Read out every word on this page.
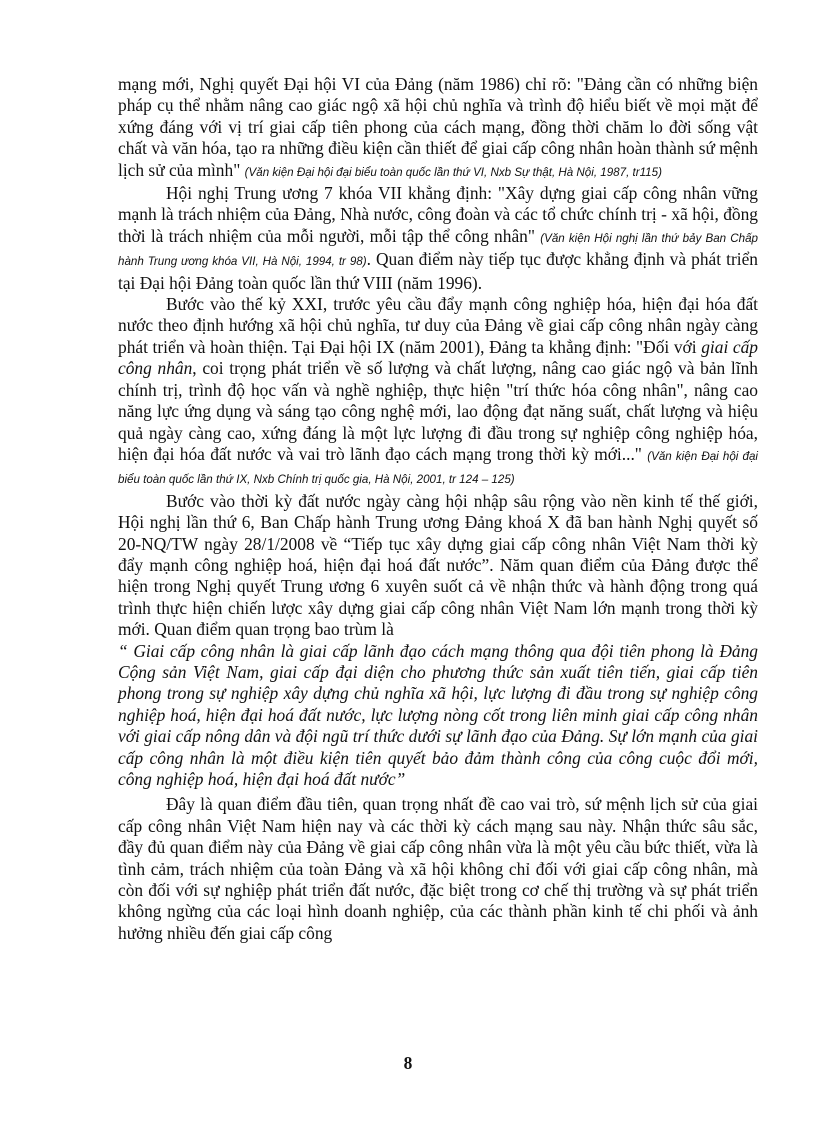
mạng mới, Nghị quyết Đại hội VI của Đảng (năm 1986) chỉ rõ: "Đảng cần có những biện pháp cụ thể nhằm nâng cao giác ngộ xã hội chủ nghĩa và trình độ hiểu biết về mọi mặt để xứng đáng với vị trí giai cấp tiên phong của cách mạng, đồng thời chăm lo đời sống vật chất và văn hóa, tạo ra những điều kiện cần thiết để giai cấp công nhân hoàn thành sứ mệnh lịch sử của mình" (Văn kiện Đại hội đại biểu toàn quốc lần thứ VI, Nxb Sự thật, Hà Nội, 1987, tr115)

Hội nghị Trung ương 7 khóa VII khẳng định: "Xây dựng giai cấp công nhân vững mạnh là trách nhiệm của Đảng, Nhà nước, công đoàn và các tổ chức chính trị - xã hội, đồng thời là trách nhiệm của mỗi người, mỗi tập thể công nhân" (Văn kiện Hội nghị lần thứ bảy Ban Chấp hành Trung ương khóa VII, Hà Nội, 1994, tr 98). Quan điểm này tiếp tục được khẳng định và phát triển tại Đại hội Đảng toàn quốc lần thứ VIII (năm 1996).

Bước vào thế kỷ XXI, trước yêu cầu đẩy mạnh công nghiệp hóa, hiện đại hóa đất nước theo định hướng xã hội chủ nghĩa, tư duy của Đảng về giai cấp công nhân ngày càng phát triển và hoàn thiện. Tại Đại hội IX (năm 2001), Đảng ta khẳng định: "Đối với giai cấp công nhân, coi trọng phát triển về số lượng và chất lượng, nâng cao giác ngộ và bản lĩnh chính trị, trình độ học vấn và nghề nghiệp, thực hiện "trí thức hóa công nhân", nâng cao năng lực ứng dụng và sáng tạo công nghệ mới, lao động đạt năng suất, chất lượng và hiệu quả ngày càng cao, xứng đáng là một lực lượng đi đầu trong sự nghiệp công nghiệp hóa, hiện đại hóa đất nước và vai trò lãnh đạo cách mạng trong thời kỳ mới..." (Văn kiện Đại hội đại biểu toàn quốc lần thứ IX, Nxb Chính trị quốc gia, Hà Nội, 2001, tr 124 – 125)

Bước vào thời kỳ đất nước ngày càng hội nhập sâu rộng vào nền kinh tế thế giới, Hội nghị lần thứ 6, Ban Chấp hành Trung ương Đảng khoá X đã ban hành Nghị quyết số 20-NQ/TW ngày 28/1/2008 về “Tiếp tục xây dựng giai cấp công nhân Việt Nam thời kỳ đẩy mạnh công nghiệp hoá, hiện đại hoá đất nước”. Năm quan điểm của Đảng được thể hiện trong Nghị quyết Trung ương 6 xuyên suốt cả về nhận thức và hành động trong quá trình thực hiện chiến lược xây dựng giai cấp công nhân Việt Nam lớn mạnh trong thời kỳ mới. Quan điểm quan trọng bao trùm là

“ Giai cấp công nhân là giai cấp lãnh đạo cách mạng thông qua đội tiên phong là Đảng Cộng sản Việt Nam, giai cấp đại diện cho phương thức sản xuất tiên tiến, giai cấp tiên phong trong sự nghiệp xây dựng chủ nghĩa xã hội, lực lượng đi đầu trong sự nghiệp công nghiệp hoá, hiện đại hoá đất nước, lực lượng nòng cốt trong liên minh giai cấp công nhân với giai cấp nông dân và đội ngũ trí thức dưới sự lãnh đạo của Đảng. Sự lớn mạnh của giai cấp công nhân là một điều kiện tiên quyết bảo đảm thành công của công cuộc đổi mới, công nghiệp hoá, hiện đại hoá đất nước”

Đây là quan điểm đầu tiên, quan trọng nhất đề cao vai trò, sứ mệnh lịch sử của giai cấp công nhân Việt Nam hiện nay và các thời kỳ cách mạng sau này. Nhận thức sâu sắc, đầy đủ quan điểm này của Đảng về giai cấp công nhân vừa là một yêu cầu bức thiết, vừa là tình cảm, trách nhiệm của toàn Đảng và xã hội không chỉ đối với giai cấp công nhân, mà còn đối với sự nghiệp phát triển đất nước, đặc biệt trong cơ chế thị trường và sự phát triển không ngừng của các loại hình doanh nghiệp, của các thành phần kinh tế chi phối và ảnh hưởng nhiều đến giai cấp công

8
